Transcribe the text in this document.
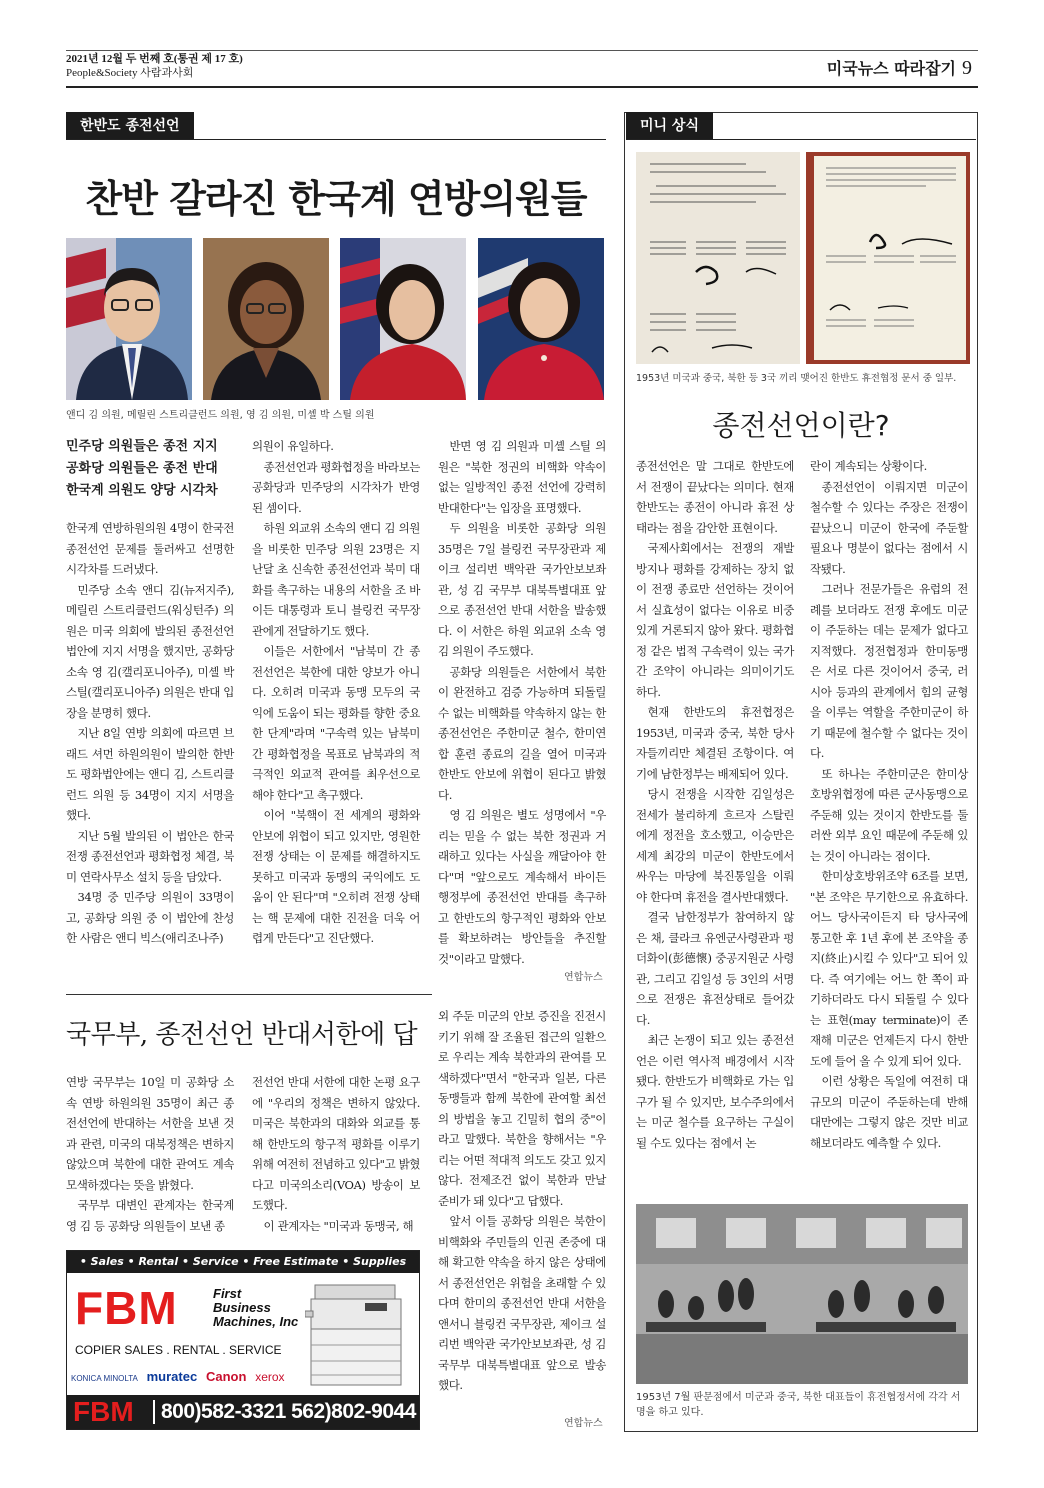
2021년 12월 두 번째 호(통권 제 17 호)
People&Society 사람과사회	미국뉴스 따라잡기 9
한반도 종전선언
찬반 갈라진 한국계 연방의원들
앤디 김 의원, 메릴린 스트리클런드 의원, 영 김 의원, 미셸 박 스틸 의원
민주당 의원들은 종전 지지
공화당 의원들은 종전 반대
한국계 의원도 양당 시각차

한국계 연방하원의원 4명이 한국전 종전선언 문제를 둘러싸고 선명한 시각차를 드러냈다.

민주당 소속 앤디 김(뉴저지주), 메릴린 스트리클런드(워싱턴주) 의원은 미국 의회에 발의된 종전선언 법안에 지지 서명을 했지만, 공화당 소속 영 김(캘리포니아주), 미셸 박 스틸(캘리포니아주) 의원은 반대 입장을 분명히 했다.

지난 8일 연방 의회에 따르면 브래드 셔먼 하원의원이 발의한 한반도 평화법안에는 앤디 김, 스트리클런드 의원 등 34명이 지지 서명을 했다.

지난 5월 발의된 이 법안은 한국전쟁 종전선언과 평화협정 체결, 북미 연락사무소 설치 등을 담았다.

34명 중 민주당 의원이 33명이고, 공화당 의원 중 이 법안에 찬성한 사람은 앤디 빅스(애리조나주)

의원이 유일하다.

종전선언과 평화협정을 바라보는 공화당과 민주당의 시각차가 반영된 셈이다.

하원 외교위 소속의 앤디 김 의원을 비롯한 민주당 의원 23명은 지난달 초 신속한 종전선언과 북미 대화를 촉구하는 내용의 서한을 조 바이든 대통령과 토니 블링컨 국무장관에게 전달하기도 했다.

이들은 서한에서 "남북미 간 종전선언은 북한에 대한 양보가 아니다. 오히려 미국과 동맹 모두의 국익에 도움이 되는 평화를 향한 중요한 단계"라며 "구속력 있는 남북미 간 평화협정을 목표로 남북과의 적극적인 외교적 관여를 최우선으로 해야 한다"고 촉구했다.

이어 "북핵이 전 세계의 평화와 안보에 위협이 되고 있지만, 영원한 전쟁 상태는 이 문제를 해결하지도 못하고 미국과 동맹의 국익에도 도움이 안 된다"며 "오히려 전쟁 상태는 핵 문제에 대한 진전을 더욱 어렵게 만든다"고 진단했다.

반면 영 김 의원과 미셸 스틸 의원은 "북한 정권의 비핵화 약속이 없는 일방적인 종전 선언에 강력히 반대한다"는 입장을 표명했다.

두 의원을 비롯한 공화당 의원 35명은 7일 블링컨 국무장관과 제이크 설리번 백악관 국가안보보좌관, 성 김 국무부 대북특별대표 앞으로 종전선언 반대 서한을 발송했다. 이 서한은 하원 외교위 소속 영 김 의원이 주도했다.

공화당 의원들은 서한에서 북한이 완전하고 검증 가능하며 되돌릴 수 없는 비핵화를 약속하지 않는 한 종전선언은 주한미군 철수, 한미연합 훈련 종료의 길을 열어 미국과 한반도 안보에 위협이 된다고 밝혔다.

영 김 의원은 별도 성명에서 "우리는 믿을 수 없는 북한 정권과 거래하고 있다는 사실을 깨달아야 한다"며 "앞으로도 계속해서 바이든 행정부에 종전선언 반대를 촉구하고 한반도의 항구적인 평화와 안보를 확보하려는 방안들을 추진할 것"이라고 말했다.

연합뉴스
국무부, 종전선언 반대서한에 답

연방 국무부는 10일 미 공화당 소속 연방 하원의원 35명이 최근 종전선언에 반대하는 서한을 보낸 것과 관련, 미국의 대북정책은 변하지 않았으며 북한에 대한 관여도 계속 모색하겠다는 뜻을 밝혔다.

국무부 대변인 관계자는 한국계 영 김 등 공화당 의원들이 보낸 종

전선언 반대 서한에 대한 논평 요구에 "우리의 정책은 변하지 않았다. 미국은 북한과의 대화와 외교를 통해 한반도의 항구적 평화를 이루기 위해 여전히 전념하고 있다"고 밝혔다고 미국의소리(VOA) 방송이 보도했다.

이 관계자는 "미국과 동맹국, 해

외 주둔 미군의 안보 증진을 진전시키기 위해 잘 조율된 접근의 일환으로 우리는 계속 북한과의 관여를 모색하겠다"면서 "한국과 일본, 다른 동맹들과 함께 북한에 관여할 최선의 방법을 놓고 긴밀히 협의 중"이라고 말했다. 북한을 향해서는 "우리는 어떤 적대적 의도도 갖고 있지 않다. 전제조건 없이 북한과 만날 준비가 돼 있다"고 답했다.

앞서 이들 공화당 의원은 북한이 비핵화와 주민들의 인권 존중에 대해 확고한 약속을 하지 않은 상태에서 종전선언은 위험을 초래할 수 있다며 한미의 종전선언 반대 서한을 앤서니 블링컨 국무장관, 제이크 설리번 백악관 국가안보보좌관, 성 김 국무부 대북특별대표 앞으로 발송했다.

연합뉴스
• Sales • Rental • Service • Free Estimate • Supplies
FBM	First
Business
Machines, Inc
COPIER SALES . RENTAL . SERVICE
KONICA MINOLTA muratec Canon xerox
FBM 800)582-3321 562)802-9044
미니 상식
1953년 미국과 중국, 북한 등 3국 끼리 맺어진 한반도 휴전협정 문서 중 일부.
종전선언이란?

종전선언은 말 그대로 한반도에서 전쟁이 끝났다는 의미다. 현재 한반도는 종전이 아니라 휴전 상태라는 점을 감안한 표현이다.

국제사회에서는 전쟁의 재발 방지나 평화를 강제하는 장치 없이 전쟁 종료만 선언하는 것이어서 실효성이 없다는 이유로 비중있게 거론되지 않아 왔다. 평화협정 같은 법적 구속력이 있는 국가 간 조약이 아니라는 의미이기도 하다.

현재 한반도의 휴전협정은 1953년, 미국과 중국, 북한 당사자들끼리만 체결된 조항이다. 여기에 남한정부는 배제되어 있다.

당시 전쟁을 시작한 김일성은 전세가 불리하게 흐르자 스탈린에게 정전을 호소했고, 이승만은 세계 최강의 미군이 한반도에서 싸우는 마당에 북진통일을 이뤄야 한다며 휴전을 결사반대했다.

결국 남한정부가 참여하지 않은 채, 클라크 유엔군사령관과 펑더화이(彭德懷) 중공지원군 사령관, 그리고 김일성 등 3인의 서명으로 전쟁은 휴전상태로 들어갔다.

최근 논쟁이 되고 있는 종전선언은 이런 역사적 배경에서 시작됐다. 한반도가 비핵화로 가는 입구가 될 수 있지만, 보수주의에서는 미군 철수를 요구하는 구실이 될 수도 있다는 점에서 논

란이 계속되는 상황이다.

종전선언이 이뤄지면 미군이 철수할 수 있다는 주장은 전쟁이 끝났으니 미군이 한국에 주둔할 필요나 명분이 없다는 점에서 시작됐다.

그러나 전문가들은 유럽의 전례를 보더라도 전쟁 후에도 미군이 주둔하는 데는 문제가 없다고 지적했다. 정전협정과 한미동맹은 서로 다른 것이어서 중국, 러시아 등과의 관계에서 힘의 균형을 이루는 역할을 주한미군이 하기 때문에 철수할 수 없다는 것이다.

또 하나는 주한미군은 한미상호방위협정에 따른 군사동맹으로 주둔해 있는 것이지 한반도를 둘러싼 외부 요인 때문에 주둔해 있는 것이 아니라는 점이다.

한미상호방위조약 6조를 보면, "본 조약은 무기한으로 유효하다. 어느 당사국이든지 타 당사국에 통고한 후 1년 후에 본 조약을 종지(終止)시킬 수 있다"고 되어 있다. 즉 여기에는 어느 한 쪽이 파기하더라도 다시 되돌릴 수 있다는 표현(may terminate)이 존재해 미군은 언제든지 다시 한반도에 들어 올 수 있게 되어 있다.

이런 상황은 독일에 여전히 대규모의 미군이 주둔하는데 반해 대만에는 그렇지 않은 것만 비교해보더라도 예측할 수 있다.

1953년 7월 판문점에서 미군과 중국, 북한 대표들이 휴전협정서에 각각 서명을 하고 있다.
